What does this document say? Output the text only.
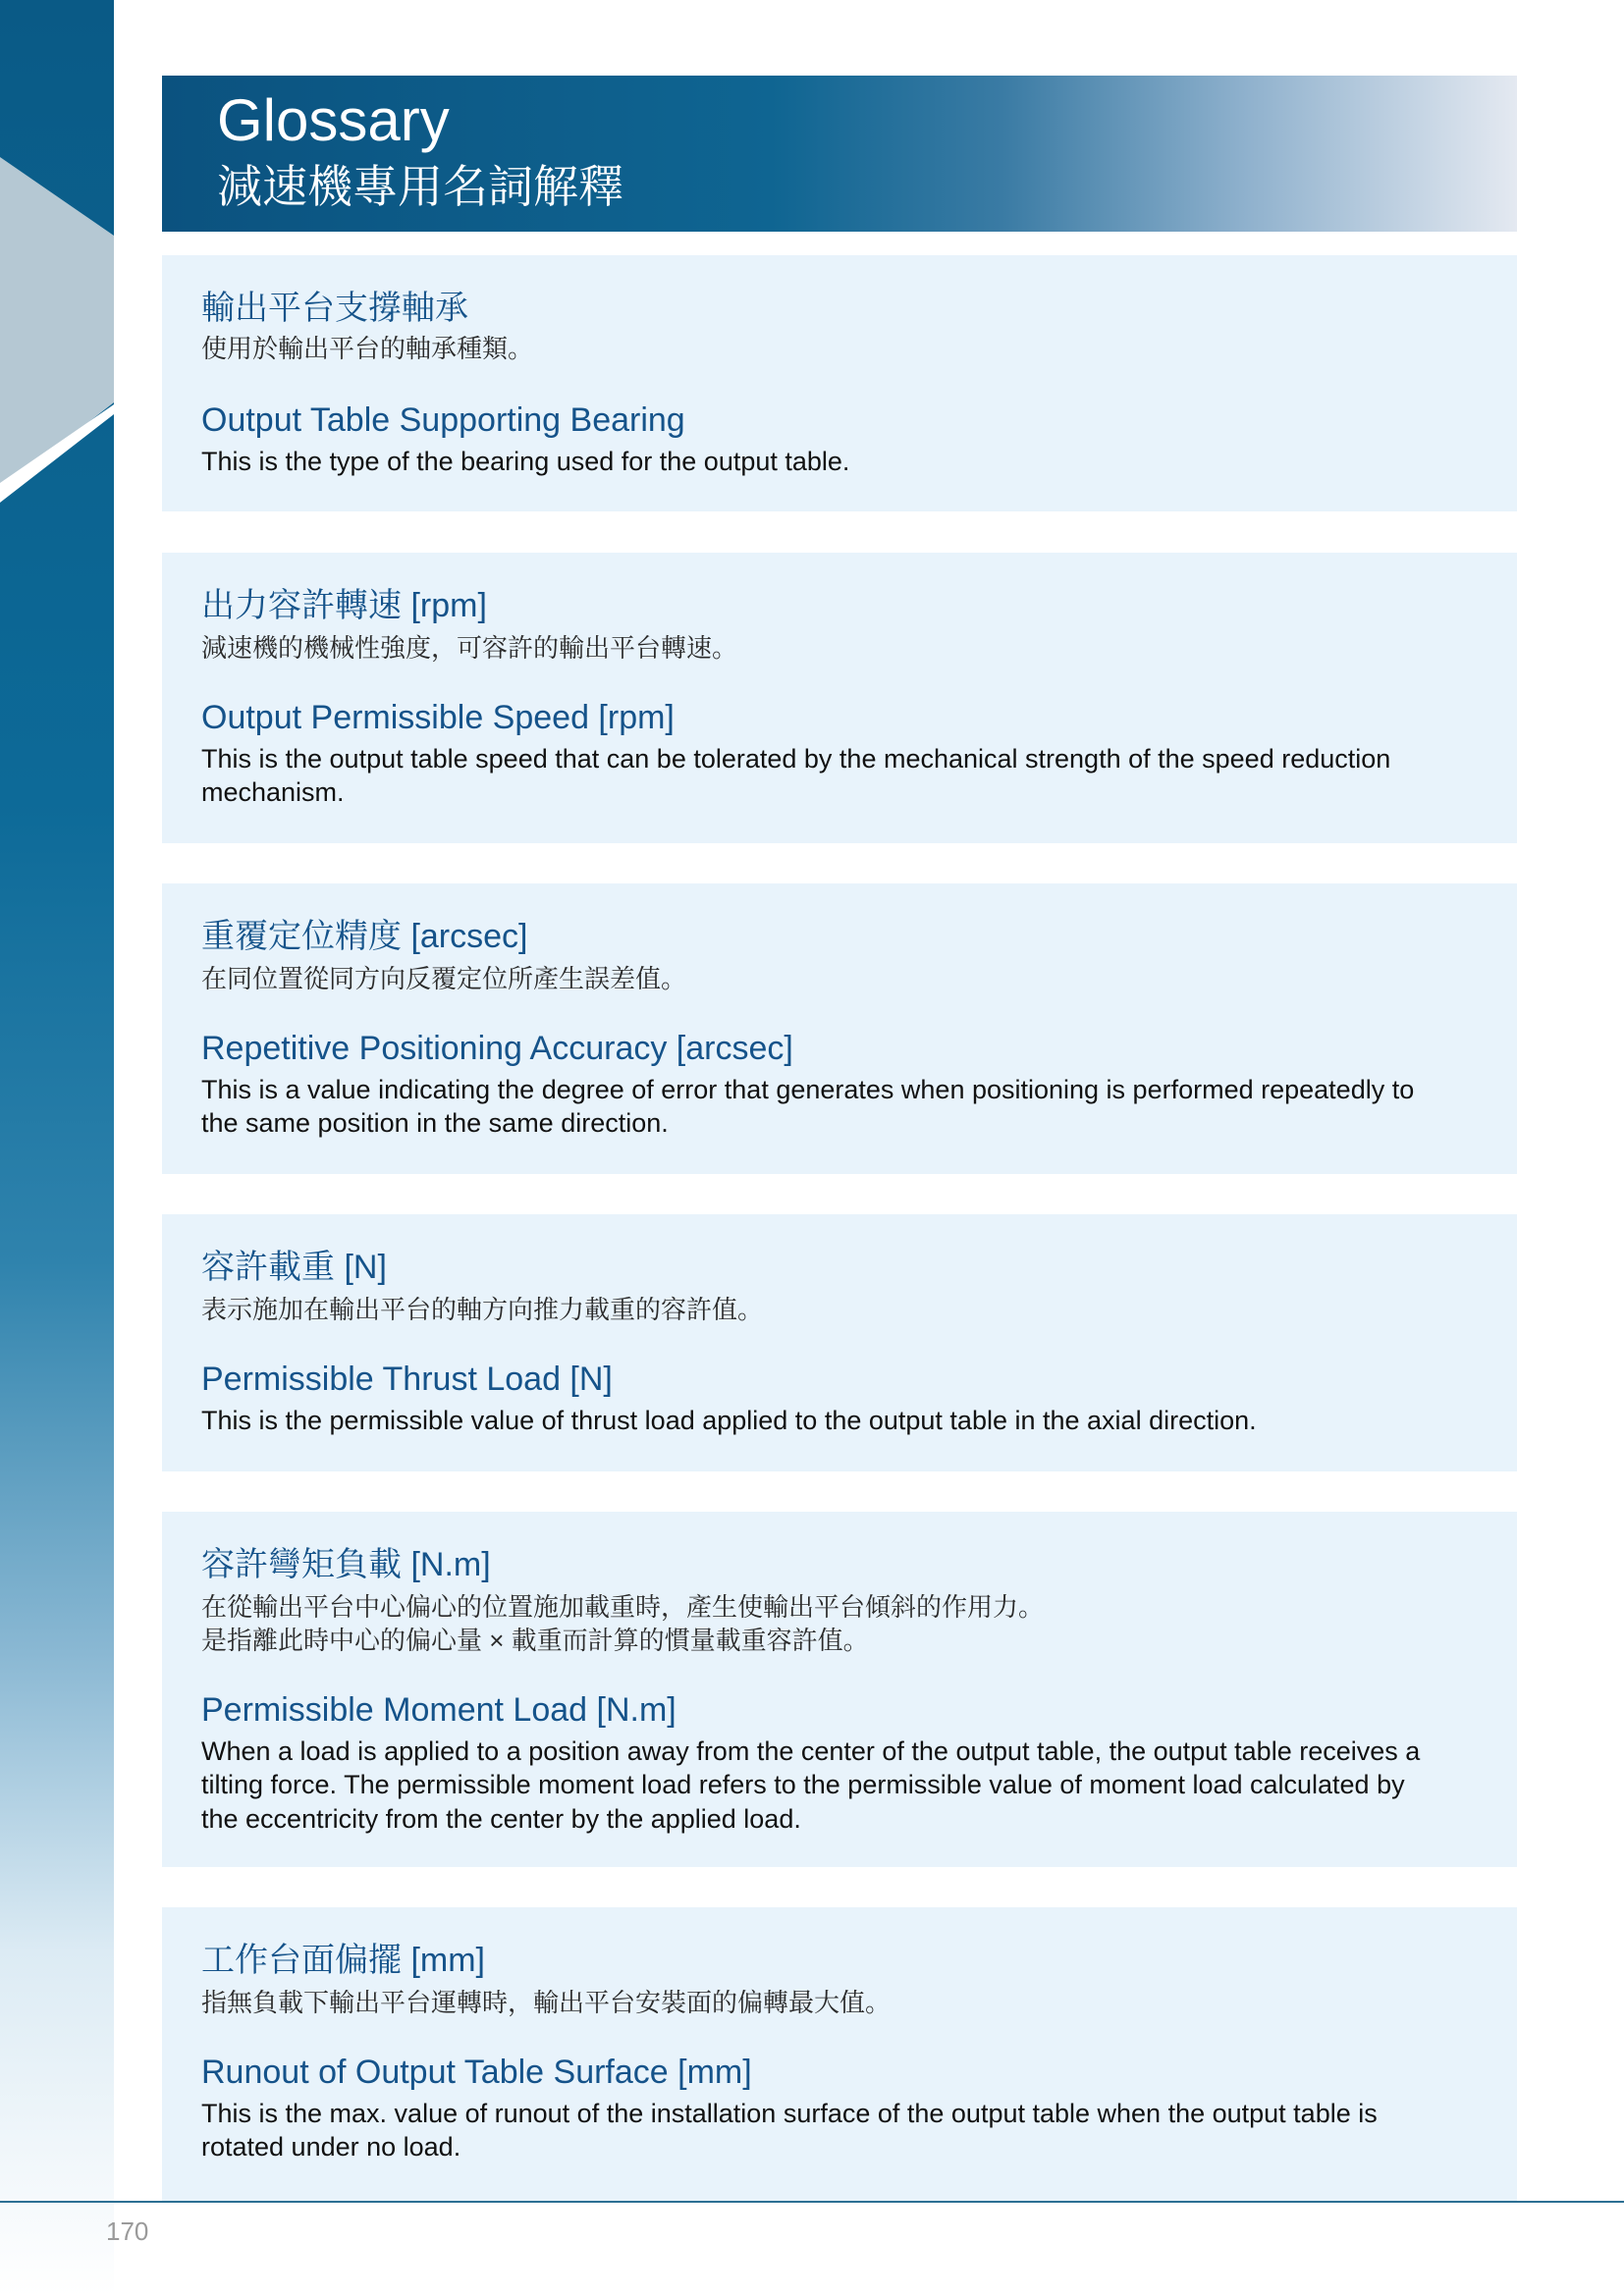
Glossary
減速機專用名詞解釋
輸出平台支撐軸承
使用於輸出平台的軸承種類。
Output Table Supporting Bearing
This is the type of the bearing used for the output table.
出力容許轉速 [rpm]
減速機的機械性強度，可容許的輸出平台轉速。
Output Permissible Speed [rpm]
This is the output table speed that can be tolerated by the mechanical strength of the speed reduction
mechanism.
重覆定位精度 [arcsec]
在同位置從同方向反覆定位所產生誤差值。
Repetitive Positioning Accuracy [arcsec]
This is a value indicating the degree of error that generates when positioning is performed repeatedly to
the same position in the same direction.
容許載重 [N]
表示施加在輸出平台的軸方向推力載重的容許值。
Permissible Thrust Load [N]
This is the permissible value of thrust load applied to the output table in the axial direction.
容許彎矩負載 [N.m]
在從輸出平台中心偏心的位置施加載重時，產生使輸出平台傾斜的作用力。
是指離此時中心的偏心量 × 載重而計算的慣量載重容許值。
Permissible Moment Load [N.m]
When a load is applied to a position away from the center of the output table, the output table receives a
tilting force. The permissible moment load refers to the permissible value of moment load calculated by
the eccentricity from the center by the applied load.
工作台面偏擺 [mm]
指無負載下輸出平台運轉時，輸出平台安裝面的偏轉最大值。
Runout of Output Table Surface [mm]
This is the max. value of runout of the installation surface of the output table when the output table is
rotated under no load.
170
